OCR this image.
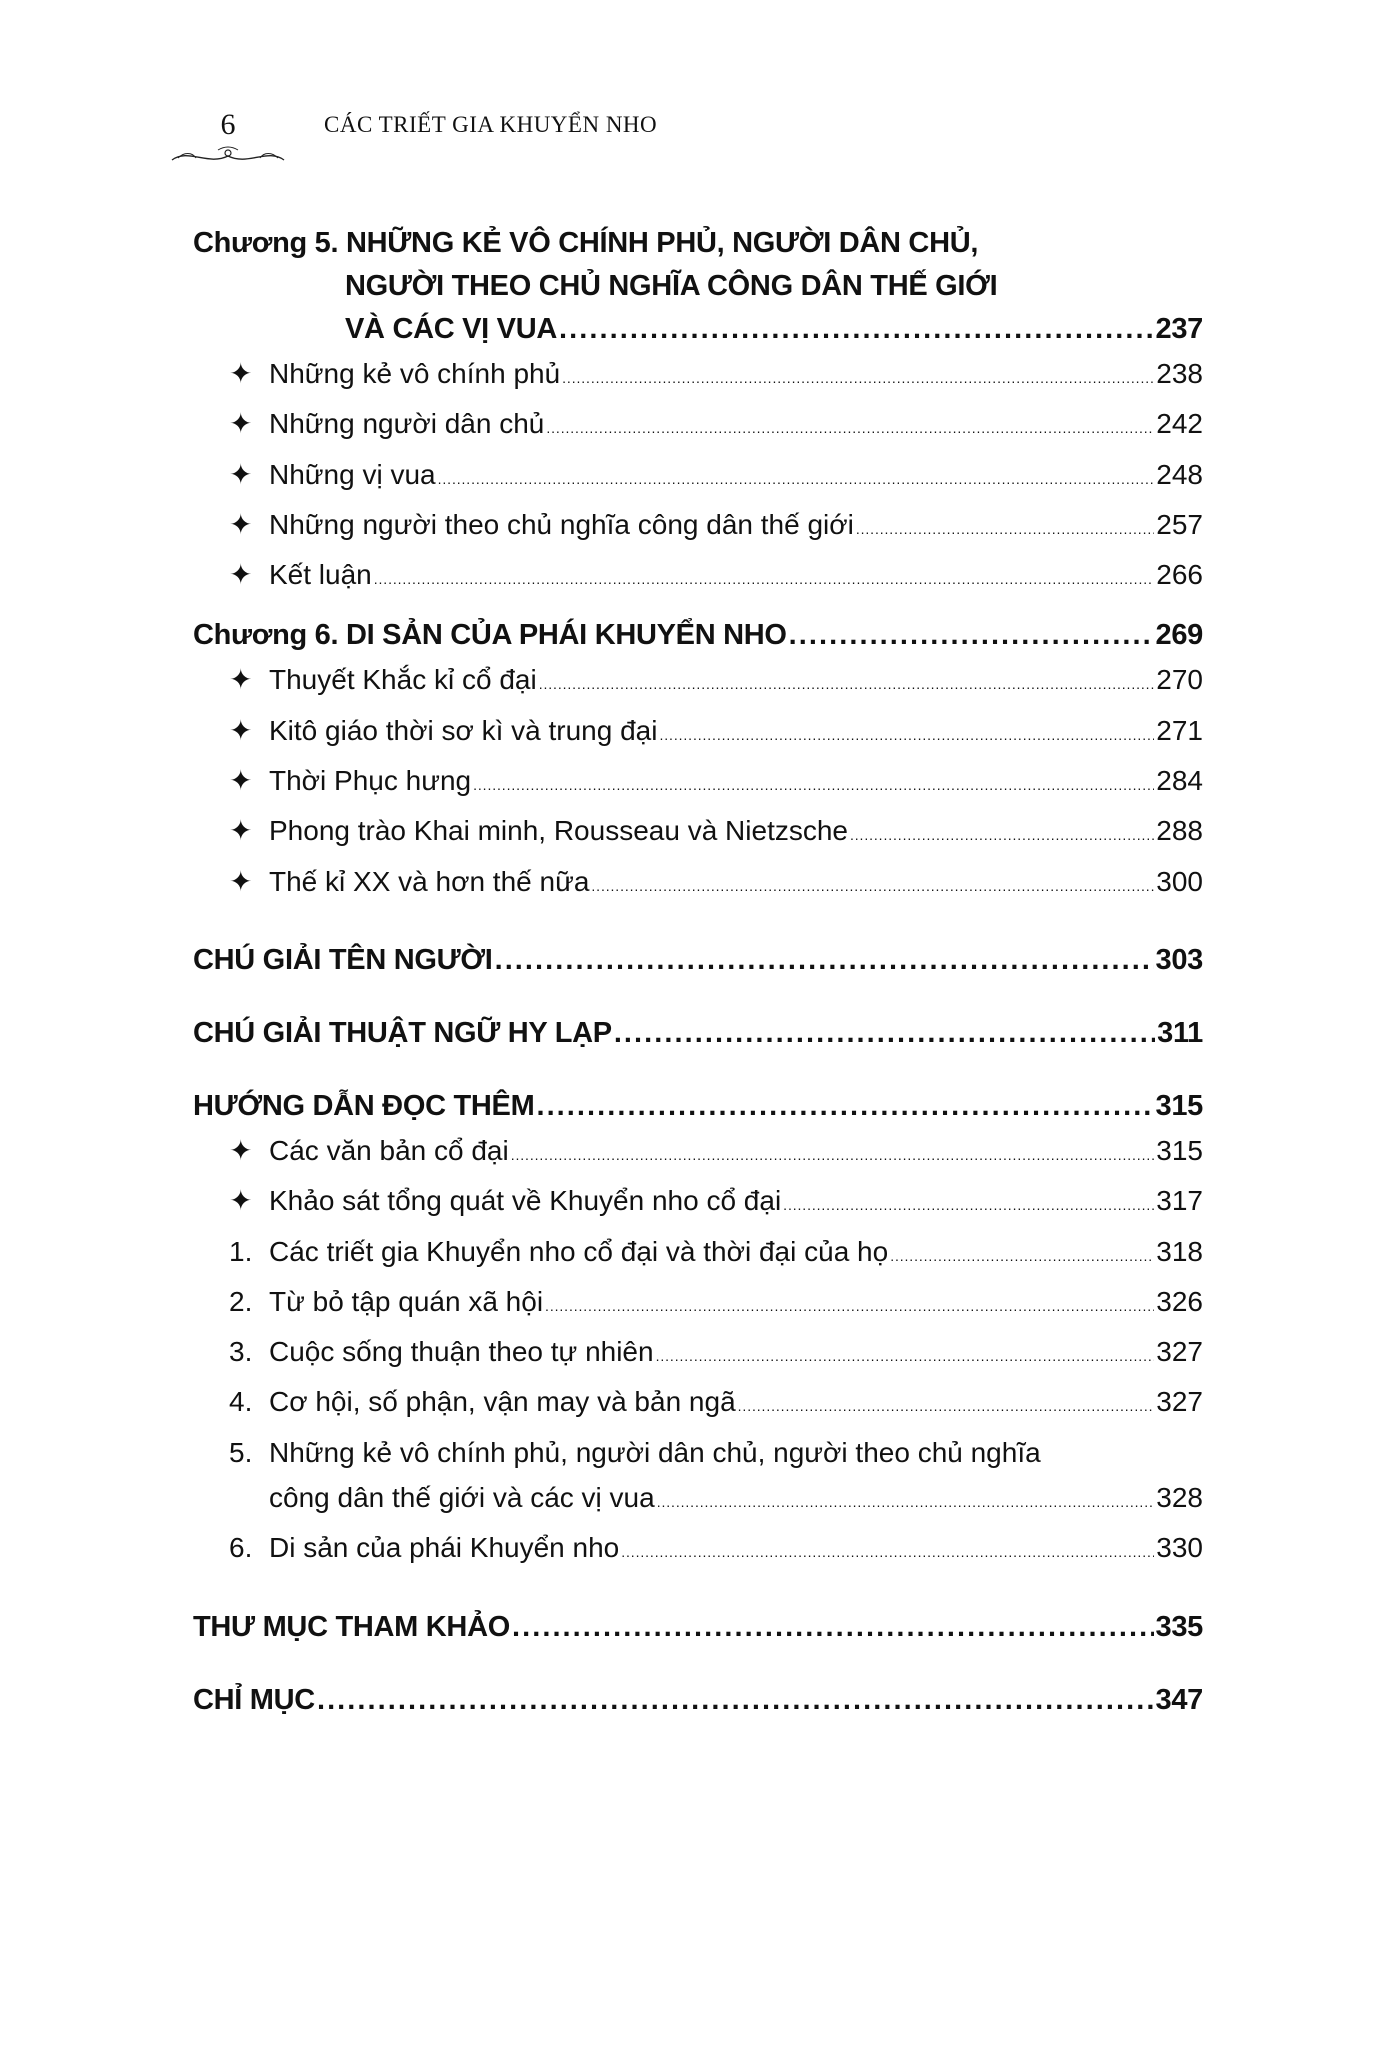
6	CÁC TRIẾT GIA KHUYỂN NHO
Chương 5. NHỮNG KẺ VÔ CHÍNH PHỦ, NGƯỜI DÂN CHỦ,
NGƯỜI THEO CHỦ NGHĨA CÔNG DÂN THẾ GIỚI
VÀ CÁC VỊ VUA . . .	237
✦ Những kẻ vô chính phủ . . .	238
✦ Những người dân chủ . . .	242
✦ Những vị vua . . .	248
✦ Những người theo chủ nghĩa công dân thế giới . . .	257
✦ Kết luận . . .	266
Chương 6. DI SẢN CỦA PHÁI KHUYỂN NHO . . .	269
✦ Thuyết Khắc kỉ cổ đại . . .	270
✦ Kitô giáo thời sơ kì và trung đại . . .	271
✦ Thời Phục hưng . . .	284
✦ Phong trào Khai minh, Rousseau và Nietzsche . . .	288
✦ Thế kỉ XX và hơn thế nữa . . .	300
CHÚ GIẢI TÊN NGƯỜI . . .	303
CHÚ GIẢI THUẬT NGỮ HY LẠP . . .	311
HƯỚNG DẪN ĐỌC THÊM . . .	315
✦ Các văn bản cổ đại . . .	315
✦ Khảo sát tổng quát về Khuyển nho cổ đại . . .	317
1. Các triết gia Khuyển nho cổ đại và thời đại của họ . . .	318
2. Từ bỏ tập quán xã hội . . .	326
3. Cuộc sống thuận theo tự nhiên . . .	327
4. Cơ hội, số phận, vận may và bản ngã . . .	327
5. Những kẻ vô chính phủ, người dân chủ, người theo chủ nghĩa
công dân thế giới và các vị vua . . .	328
6. Di sản của phái Khuyển nho . . .	330
THƯ MỤC THAM KHẢO . . .	335
CHỈ MỤC . . .	347
